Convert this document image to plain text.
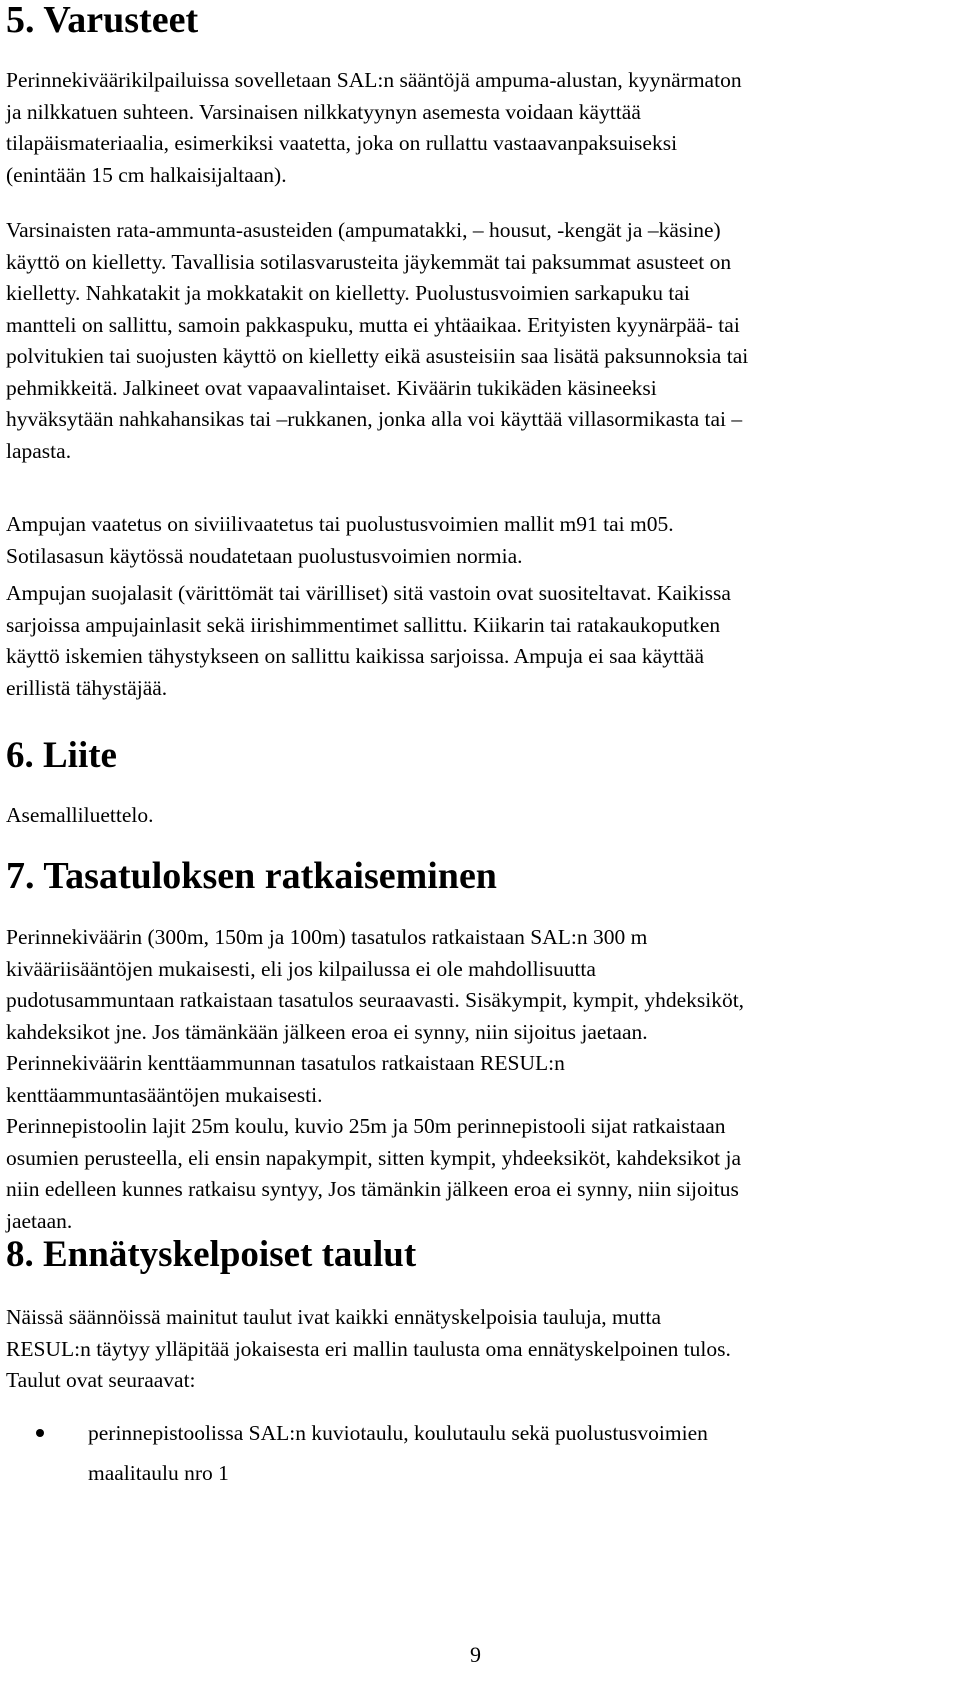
5. Varusteet

Perinnekiväärikilpailuissa sovelletaan SAL:n sääntöjä ampuma-alustan, kyynärmaton
ja nilkkatuen suhteen. Varsinaisen nilkkatyynyn asemesta voidaan käyttää
tilapäismateriaalia, esimerkiksi vaatetta, joka on rullattu vastaavanpaksuiseksi
(enintään 15 cm halkaisijaltaan).

Varsinaisten rata-ammunta-asusteiden (ampumatakki, – housut, -kengät ja –käsine)
käyttö on kielletty. Tavallisia sotilasvarusteita jäykemmät tai paksummat asusteet on
kielletty. Nahkatakit ja mokkatakit on kielletty. Puolustusvoimien sarkapuku tai
mantteli on sallittu, samoin pakkaspuku, mutta ei yhtäaikaa. Erityisten kyynärpää- tai
polvitukien tai suojusten käyttö on kielletty eikä asusteisiin saa lisätä paksunnoksia tai
pehmikkeitä. Jalkineet ovat vapaavalintaiset. Kiväärin tukikäden käsineeksi
hyväksytään nahkahansikas tai –rukkanen, jonka alla voi käyttää villasormikasta tai –
lapasta.

Ampujan vaatetus on siviilivaatetus tai puolustusvoimien mallit m91 tai m05.
Sotilasasun käytössä noudatetaan puolustusvoimien normia.

Ampujan suojalasit (värittömät tai värilliset) sitä vastoin ovat suositeltavat. Kaikissa
sarjoissa ampujainlasit sekä iirishimmentimet sallittu. Kiikarin tai ratakaukoputken
käyttö iskemien tähystykseen on sallittu kaikissa sarjoissa. Ampuja ei saa käyttää
erillistä tähystäjää.

6. Liite

Asemalliluettelo.

7. Tasatuloksen ratkaiseminen

Perinnekiväärin (300m, 150m ja 100m) tasatulos ratkaistaan SAL:n 300 m
kivääriisääntöjen mukaisesti, eli jos kilpailussa ei ole mahdollisuutta
pudotusammuntaan ratkaistaan tasatulos seuraavasti. Sisäkympit, kympit, yhdeksiköt,
kahdeksikot jne. Jos tämänkään jälkeen eroa ei synny, niin sijoitus jaetaan.
Perinnekiväärin kenttäammunnan tasatulos ratkaistaan RESUL:n
kenttäammuntasääntöjen mukaisesti.
Perinnepistoolin lajit 25m koulu, kuvio 25m ja 50m perinnepistooli sijat ratkaistaan
osumien perusteella, eli ensin napakympit, sitten kympit, yhdeeksiköt, kahdeksikot ja
niin edelleen kunnes ratkaisu syntyy, Jos tämänkin jälkeen eroa ei synny, niin sijoitus
jaetaan.

8. Ennätyskelpoiset taulut

Näissä säännöissä mainitut taulut ivat kaikki ennätyskelpoisia tauluja, mutta
RESUL:n täytyy ylläpitää jokaisesta eri mallin taulusta oma ennätyskelpoinen tulos.
Taulut ovat seuraavat:

perinnepistoolissa SAL:n kuviotaulu, koulutaulu sekä puolustusvoimien
maalitaulu nro 1
9
